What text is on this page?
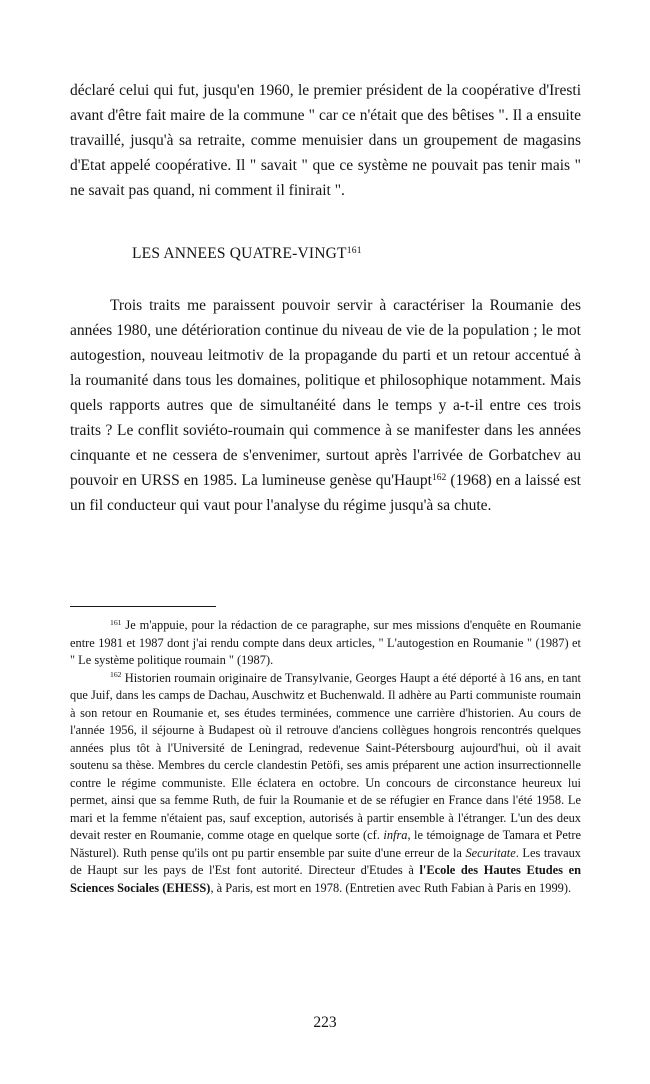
déclaré celui qui fut, jusqu'en 1960, le premier président de la coopérative d'Iresti avant d'être fait maire de la commune " car ce n'était que des bêtises ". Il a ensuite travaillé, jusqu'à sa retraite, comme menuisier dans un groupement de magasins d'Etat appelé coopérative. Il " savait " que ce système ne pouvait pas tenir mais " ne savait pas quand, ni comment il finirait ".

LES ANNEES QUATRE-VINGT$^{161}$

Trois traits me paraissent pouvoir servir à caractériser la Roumanie des années 1980, une détérioration continue du niveau de vie de la population ; le mot autogestion, nouveau leitmotiv de la propagande du parti et un retour accentué à la roumanité dans tous les domaines, politique et philosophique notamment. Mais quels rapports autres que de simultanéité dans le temps y a-t-il entre ces trois traits ? Le conflit soviéto-roumain qui commence à se manifester dans les années cinquante et ne cessera de s'envenimer, surtout après l'arrivée de Gorbatchev au pouvoir en URSS en 1985. La lumineuse genèse qu'Haupt$^{162}$ (1968) en a laissé est un fil conducteur qui vaut pour l'analyse du régime jusqu'à sa chute.

$^{161}$ Je m'appuie, pour la rédaction de ce paragraphe, sur mes missions d'enquête en Roumanie entre 1981 et 1987 dont j'ai rendu compte dans deux articles, " L'autogestion en Roumanie " (1987) et " Le système politique roumain " (1987).

$^{162}$ Historien roumain originaire de Transylvanie, Georges Haupt a été déporté à 16 ans, en tant que Juif, dans les camps de Dachau, Auschwitz et Buchenwald. Il adhère au Parti communiste roumain à son retour en Roumanie et, ses études terminées, commence une carrière d'historien. Au cours de l'année 1956, il séjourne à Budapest où il retrouve d'anciens collègues hongrois rencontrés quelques années plus tôt à l'Université de Leningrad, redevenue Saint-Pétersbourg aujourd'hui, où il avait soutenu sa thèse. Membres du cercle clandestin Petöfi, ses amis préparent une action insurrectionnelle contre le régime communiste. Elle éclatera en octobre. Un concours de circonstance heureux lui permet, ainsi que sa femme Ruth, de fuir la Roumanie et de se réfugier en France dans l'été 1958. Le mari et la femme n'étaient pas, sauf exception, autorisés à partir ensemble à l'étranger. L'un des deux devait rester en Roumanie, comme otage en quelque sorte (cf. infra, le témoignage de Tamara et Petre Năsturel). Ruth pense qu'ils ont pu partir ensemble par suite d'une erreur de la Securitate. Les travaux de Haupt sur les pays de l'Est font autorité. Directeur d'Etudes à l'Ecole des Hautes Etudes en Sciences Sociales (EHESS), à Paris, est mort en 1978. (Entretien avec Ruth Fabian à Paris en 1999).

223
